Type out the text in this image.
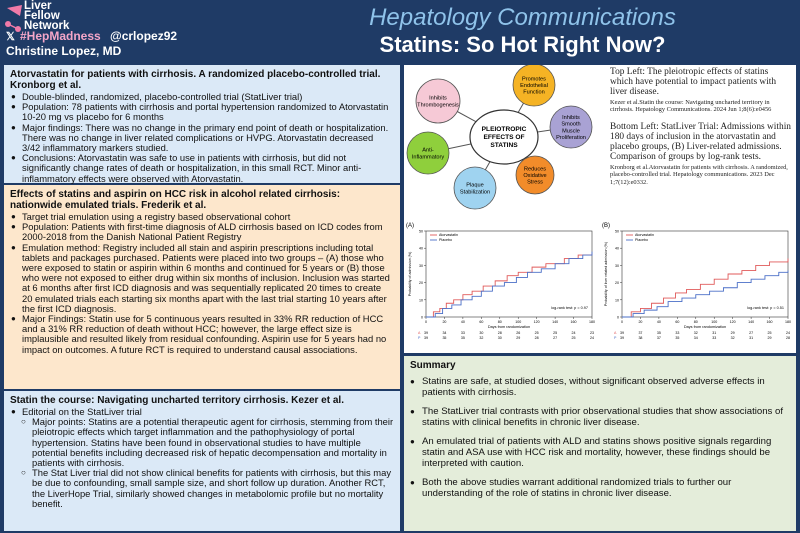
Liver
Fellow
Network
𝕏 #HepMadness @crlopez92
Christine Lopez, MD
Hepatology Communications
Statins: So Hot Right Now?
Atorvastatin for patients with cirrhosis. A randomized placebo-controlled trial. Kronborg et al.
● Double-blinded, randomized, placebo-controlled trial (StatLiver trial)
● Population: 78 patients with cirrhosis and portal hypertension randomized to Atorvastatin 10-20 mg vs placebo for 6 months
● Major findings: There was no change in the primary end point of death or hospitalization. There was no change in liver related complications or HVPG. Atorvastatin decreased 3/42 inflammatory markers studied.
● Conclusions: Atorvastatin was safe to use in patients with cirrhosis, but did not significantly change rates of death or hospitalization, in this small RCT. Minor anti-inflammatory effects were observed with Atorvastatin.
Effects of statins and aspirin on HCC risk in alcohol related cirrhosis: nationwide emulated trials. Frederik et al.
● Target trial emulation using a registry based observational cohort
● Population: Patients with first-time diagnosis of ALD cirrhosis based on ICD codes from 2000-2018 from the Danish National Patient Registry
● Emulation method: Registry included all stain and aspirin prescriptions including total tablets and packages purchased. Patients were placed into two groups – (A) those who were exposed to statin or aspirin within 6 months and continued for 5 years or (B) those who were not exposed to either drug within six months of inclusion. Inclusion was started at 6 months after first ICD diagnosis and was sequentially replicated 20 times to create 20 emulated trials each starting six months apart with the last trial starting 10 years after the first ICD diagnosis.
● Major Findings: Statin use for 5 continuous years resulted in 33% RR reduction of HCC and a 31% RR reduction of death without HCC; however, the large effect size is implausible and resulted likely from residual confounding. Aspirin use for 5 years had no impact on outcomes. A future RCT is required to understand causal associations.
Statin the course: Navigating uncharted territory cirrhosis. Kezer et al.
● Editorial on the StatLiver trial
○ Major points: Statins are a potential therapeutic agent for cirrhosis, stemming from their pleiotropic effects which target inflammation and the pathophysiology of portal hypertension. Statins have been found in observational studies to have multiple potential benefits including decreased risk of hepatic decompensation and mortality in patients with cirrhosis.
○ The Stat Liver trial did not show clinical benefits for patients with cirrhosis, but this may be due to confounding, small sample size, and short follow up duration. Another RCT, the LiverHope Trial, similarly showed changes in metabolomic profile but no mortality benefit.
PLEIOTROPIC
EFFECTS OF
STATINS
Promotes
Endothelial
Function
Inhibits
Smooth
Muscle
Proliferation
Reduces
Oxidative
Stress
Plaque
Stabilization
Anti-
Inflammatory
Inhibits
Thrombogenesis
(A)
0
10
20
30
40
50
0	20	40	60	80	100	120	140	160	180
Days from randomization
Probability of admission (%)
Atorvastatin
Placebo
log-rank test: p = 0.97
A 39	34	33	30	28	26	25	25	24	23
P 39	35	35	32	30	29	28	27	25	24
(B)
0
10
20
30
40
50
0	20	40	60	80	100	120	140	160	180
Days from randomization
Probability of liver related admission (%)
Atorvastatin
Placebo
log-rank test: p = 0.51
A 39	37	35	33	32	31	29	27	25	24
P 39	38	37	35	34	33	32	31	29	28
Top Left: The pleiotropic effects of statins which have potential to impact patients with liver disease.
Kezer et al.Statin the course: Navigating uncharted territory in cirrhosis. Hepatology Communications. 2024 Jun 1;8(6):e0456
Bottom Left: StatLiver Trial: Admissions within 180 days of inclusion in the atorvastatin and placebo groups, (B) Liver-related admissions. Comparison of groups by log-rank tests.
Kronborg et al.Atorvastatin for patients with cirrhosis. A randomized, placebo-controlled trial. Hepatology communications. 2023 Dec 1;7(12):e0332.
Summary
● Statins are safe, at studied doses, without significant observed adverse effects in patients with cirrhosis.
● The StatLiver trial contrasts with prior observational studies that show associations of statins with clinical benefits in chronic liver disease.
● An emulated trial of patients with ALD and statins shows positive signals regarding statin and ASA use with HCC risk and mortality, however, these findings should be interpreted with caution.
● Both the above studies warrant additional randomized trials to further our understanding of the role of statins in chronic liver disease.
